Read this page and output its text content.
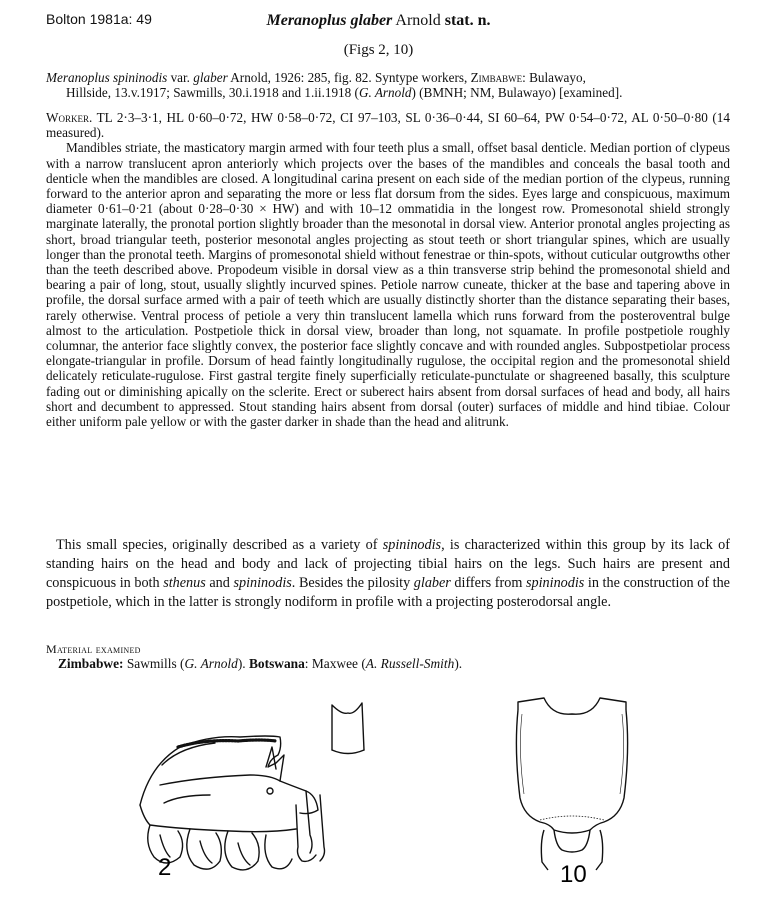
Bolton 1981a: 49	Meranoplus glaber Arnold stat. n.
(Figs 2, 10)
Meranoplus spininodis var. glaber Arnold, 1926: 285, fig. 82. Syntype workers, Zimbabwe: Bulawayo,
Hillside, 13.v.1917; Sawmills, 30.i.1918 and 1.ii.1918 (G. Arnold) (BMNH; NM, Bulawayo) [examined].
Worker. TL 2·3–3·1, HL 0·60–0·72, HW 0·58–0·72, CI 97–103, SL 0·36–0·44, SI 60–64, PW 0·54–0·72, AL 0·50–0·80 (14 measured).
Mandibles striate, the masticatory margin armed with four teeth plus a small, offset basal denticle. Median portion of clypeus with a narrow translucent apron anteriorly which projects over the bases of the mandibles and conceals the basal tooth and denticle when the mandibles are closed. A longitudinal carina present on each side of the median portion of the clypeus, running forward to the anterior apron and separating the more or less flat dorsum from the sides. Eyes large and conspicuous, maximum diameter 0·61–0·21 (about 0·28–0·30 × HW) and with 10–12 ommatidia in the longest row. Promesonotal shield strongly marginate laterally, the pronotal portion slightly broader than the mesonotal in dorsal view. Anterior pronotal angles projecting as short, broad triangular teeth, posterior mesonotal angles projecting as stout teeth or short triangular spines, which are usually longer than the pronotal teeth. Margins of promesonotal shield without fenestrae or thin-spots, without cuticular outgrowths other than the teeth described above. Propodeum visible in dorsal view as a thin transverse strip behind the promesonotal shield and bearing a pair of long, stout, usually slightly incurved spines. Petiole narrow cuneate, thicker at the base and tapering above in profile, the dorsal surface armed with a pair of teeth which are usually distinctly shorter than the distance separating their bases, rarely otherwise. Ventral process of petiole a very thin translucent lamella which runs forward from the posteroventral bulge almost to the articulation. Postpetiole thick in dorsal view, broader than long, not squamate. In profile postpetiole roughly columnar, the anterior face slightly convex, the posterior face slightly concave and with rounded angles. Subpostpetiolar process elongate-triangular in profile. Dorsum of head faintly longitudinally rugulose, the occipital region and the promesonotal shield delicately reticulate-rugulose. First gastral tergite finely superficially reticulate-punctulate or shagreened basally, this sculpture fading out or diminishing apically on the sclerite. Erect or suberect hairs absent from dorsal surfaces of head and body, all hairs short and decumbent to appressed. Stout standing hairs absent from dorsal (outer) surfaces of middle and hind tibiae. Colour either uniform pale yellow or with the gaster darker in shade than the head and alitrunk.
This small species, originally described as a variety of spininodis, is characterized within this group by its lack of standing hairs on the head and body and lack of projecting tibial hairs on the legs. Such hairs are present and conspicuous in both sthenus and spininodis. Besides the pilosity glaber differs from spininodis in the construction of the postpetiole, which in the latter is strongly nodiform in profile with a projecting posterodorsal angle.
Material examined
Zimbabwe: Sawmills (G. Arnold). Botswana: Maxwee (A. Russell-Smith).
2	10
